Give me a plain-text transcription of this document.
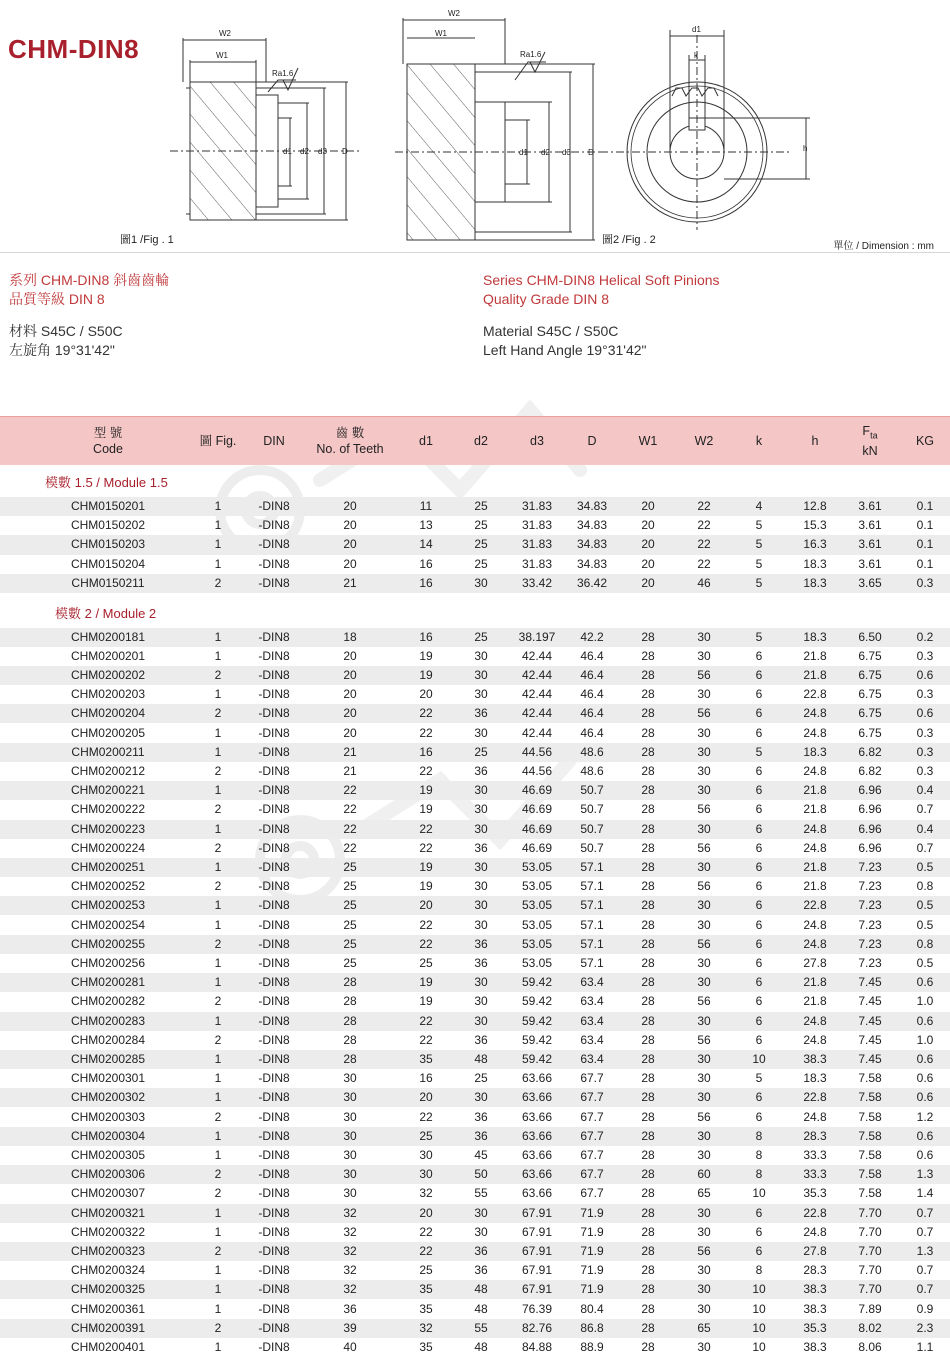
CHM-DIN8
W2
W1
Ra1.6
d1 d2 d3 D
W2
W1
Ra1.6
d1 d2 d3 D
d1
k
h
圖1 /Fig . 1	圖2 /Fig . 2
單位 / Dimension : mm
系列 CHM-DIN8 斜齒齒輪
品質等級 DIN 8
材料 S45C / S50C
左旋角 19°31'42"
Series CHM-DIN8 Helical Soft Pinions
Quality Grade DIN 8
Material S45C / S50C
Left Hand Angle 19°31'42"
型 號
Code
圖 Fig.	DIN
齒 數
No. of Teeth
d1	d2	d3	D	W1	W2	k	h
$F_{ta}$
kN
KG
模數 1.5 / Module 1.5
CHM0150201	1	-DIN8	20	11	25	31.83	34.83	20	22	4	12.8	3.61	0.1
CHM0150202	1	-DIN8	20	13	25	31.83	34.83	20	22	5	15.3	3.61	0.1
CHM0150203	1	-DIN8	20	14	25	31.83	34.83	20	22	5	16.3	3.61	0.1
CHM0150204	1	-DIN8	20	16	25	31.83	34.83	20	22	5	18.3	3.61	0.1
CHM0150211	2	-DIN8	21	16	30	33.42	36.42	20	46	5	18.3	3.65	0.3
模數 2 / Module 2
CHM0200181	1	-DIN8	18	16	25	38.197	42.2	28	30	5	18.3	6.50	0.2
CHM0200201	1	-DIN8	20	19	30	42.44	46.4	28	30	6	21.8	6.75	0.3
CHM0200202	2	-DIN8	20	19	30	42.44	46.4	28	56	6	21.8	6.75	0.6
CHM0200203	1	-DIN8	20	20	30	42.44	46.4	28	30	6	22.8	6.75	0.3
CHM0200204	2	-DIN8	20	22	36	42.44	46.4	28	56	6	24.8	6.75	0.6
CHM0200205	1	-DIN8	20	22	30	42.44	46.4	28	30	6	24.8	6.75	0.3
CHM0200211	1	-DIN8	21	16	25	44.56	48.6	28	30	5	18.3	6.82	0.3
CHM0200212	2	-DIN8	21	22	36	44.56	48.6	28	30	6	24.8	6.82	0.3
CHM0200221	1	-DIN8	22	19	30	46.69	50.7	28	30	6	21.8	6.96	0.4
CHM0200222	2	-DIN8	22	19	30	46.69	50.7	28	56	6	21.8	6.96	0.7
CHM0200223	1	-DIN8	22	22	30	46.69	50.7	28	30	6	24.8	6.96	0.4
CHM0200224	2	-DIN8	22	22	36	46.69	50.7	28	56	6	24.8	6.96	0.7
CHM0200251	1	-DIN8	25	19	30	53.05	57.1	28	30	6	21.8	7.23	0.5
CHM0200252	2	-DIN8	25	19	30	53.05	57.1	28	56	6	21.8	7.23	0.8
CHM0200253	1	-DIN8	25	20	30	53.05	57.1	28	30	6	22.8	7.23	0.5
CHM0200254	1	-DIN8	25	22	30	53.05	57.1	28	30	6	24.8	7.23	0.5
CHM0200255	2	-DIN8	25	22	36	53.05	57.1	28	56	6	24.8	7.23	0.8
CHM0200256	1	-DIN8	25	25	36	53.05	57.1	28	30	6	27.8	7.23	0.5
CHM0200281	1	-DIN8	28	19	30	59.42	63.4	28	30	6	21.8	7.45	0.6
CHM0200282	2	-DIN8	28	19	30	59.42	63.4	28	56	6	21.8	7.45	1.0
CHM0200283	1	-DIN8	28	22	30	59.42	63.4	28	30	6	24.8	7.45	0.6
CHM0200284	2	-DIN8	28	22	36	59.42	63.4	28	56	6	24.8	7.45	1.0
CHM0200285	1	-DIN8	28	35	48	59.42	63.4	28	30	10	38.3	7.45	0.6
CHM0200301	1	-DIN8	30	16	25	63.66	67.7	28	30	5	18.3	7.58	0.6
CHM0200302	1	-DIN8	30	20	30	63.66	67.7	28	30	6	22.8	7.58	0.6
CHM0200303	2	-DIN8	30	22	36	63.66	67.7	28	56	6	24.8	7.58	1.2
CHM0200304	1	-DIN8	30	25	36	63.66	67.7	28	30	8	28.3	7.58	0.6
CHM0200305	1	-DIN8	30	30	45	63.66	67.7	28	30	8	33.3	7.58	0.6
CHM0200306	2	-DIN8	30	30	50	63.66	67.7	28	60	8	33.3	7.58	1.3
CHM0200307	2	-DIN8	30	32	55	63.66	67.7	28	65	10	35.3	7.58	1.4
CHM0200321	1	-DIN8	32	20	30	67.91	71.9	28	30	6	22.8	7.70	0.7
CHM0200322	1	-DIN8	32	22	30	67.91	71.9	28	30	6	24.8	7.70	0.7
CHM0200323	2	-DIN8	32	22	36	67.91	71.9	28	56	6	27.8	7.70	1.3
CHM0200324	1	-DIN8	32	25	36	67.91	71.9	28	30	8	28.3	7.70	0.7
CHM0200325	1	-DIN8	32	35	48	67.91	71.9	28	30	10	38.3	7.70	0.7
CHM0200361	1	-DIN8	36	35	48	76.39	80.4	28	30	10	38.3	7.89	0.9
CHM0200391	2	-DIN8	39	32	55	82.76	86.8	28	65	10	35.3	8.02	2.3
CHM0200401	1	-DIN8	40	35	48	84.88	88.9	28	30	10	38.3	8.06	1.1
